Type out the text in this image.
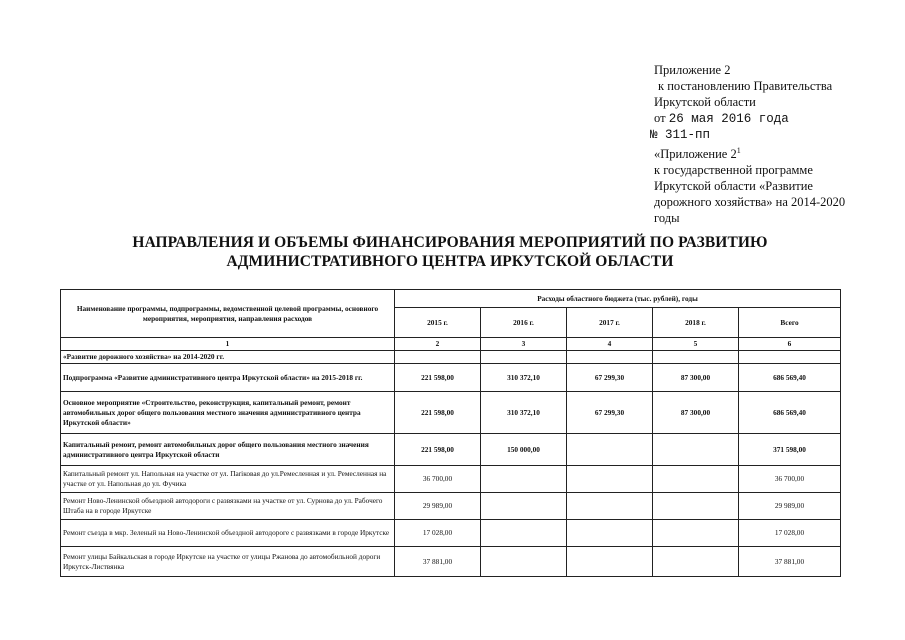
Приложение 2
к постановлению Правительства
Иркутской области
от 26 мая 2016 года
№ 311-пп
«Приложение $2^1$
к государственной программе
Иркутской области «Развитие
дорожного хозяйства» на 2014-2020
годы
НАПРАВЛЕНИЯ И ОБЪЕМЫ ФИНАНСИРОВАНИЯ МЕРОПРИЯТИЙ ПО РАЗВИТИЮ
АДМИНИСТРАТИВНОГО ЦЕНТРА ИРКУТСКОЙ ОБЛАСТИ
Наименование программы, подпрограммы, ведомственной целевой программы, основного мероприятия, мероприятия, направления расходов	Расходы областного бюджета (тыс. рублей), годы				
	2015 г.	2016 г.	2017 г.	2018 г.	Всего
1	2	3	4	5	6
«Развитие дорожного хозяйства» на 2014-2020 гг.					
Подпрограмма «Развитие административного центра Иркутской области» на 2015-2018 гг.	221 598,00	310 372,10	67 299,30	87 300,00	686 569,40
Основное мероприятие «Строительство, реконструкция, капитальный ремонт, ремонт автомобильных дорог общего пользования местного значения административного центра Иркутской области»	221 598,00	310 372,10	67 299,30	87 300,00	686 569,40
Капитальный ремонт, ремонт автомобильных дорог общего пользования местного значения административного центра Иркутской области	221 598,00	150 000,00			371 598,00
Капитальный ремонт ул. Напольная на участке от ул. Пariковая до ул.Ремесленная и ул. Ремесленная на участке от ул. Напольная до ул. Фучика	36 700,00				36 700,00
Ремонт Ново-Ленинской объездной автодороги с развязками на участке от ул. Сурнова до ул. Рабочего Штаба на в городе Иркутске	29 989,00				29 989,00
Ремонт съезда в мкр. Зеленый на Ново-Ленинской объездной автодороге с развязками в городе Иркутске	17 028,00				17 028,00
Ремонт улицы Байкальская в городе Иркутске на участке от улицы Ржанова до автомобильной дороги Иркутск-Листвянка	37 881,00				37 881,00
